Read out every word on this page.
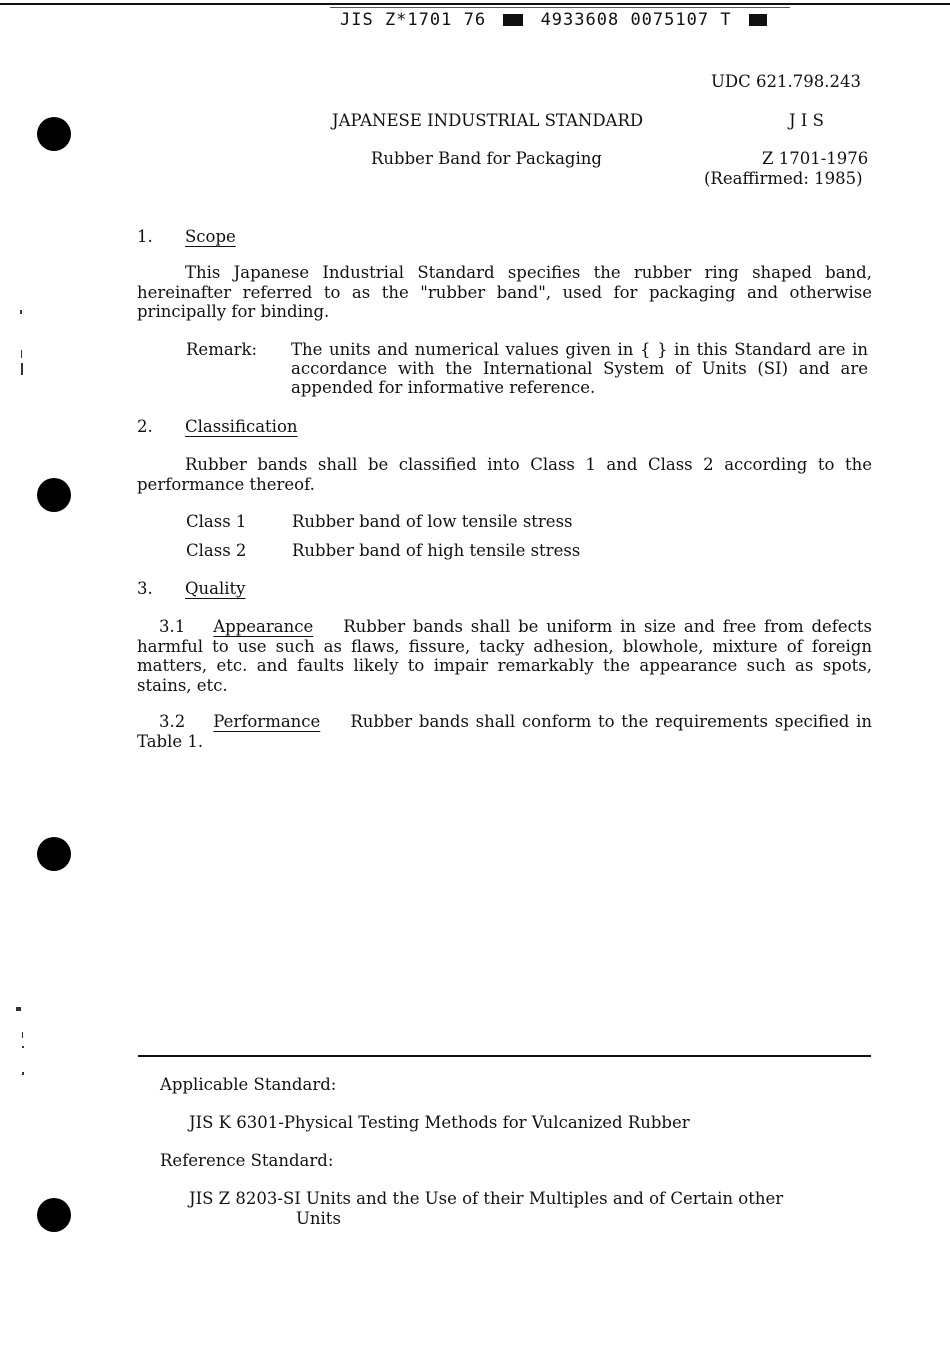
JIS Z*1701 76	4933608 0075107 T
UDC 621.798.243
JAPANESE INDUSTRIAL STANDARD	J I S
Rubber Band for Packaging	Z 1701-1976
(Reaffirmed: 1985)
1. Scope
This Japanese Industrial Standard specifies the rubber ring shaped band, hereinafter referred to as the "rubber band", used for packaging and otherwise principally for binding.
Remark: The units and numerical values given in { } in this Standard are in accordance with the International System of Units (SI) and are appended for informative reference.
2. Classification
Rubber bands shall be classified into Class 1 and Class 2 according to the performance thereof.
Class 1	Rubber band of low tensile stress
Class 2	Rubber band of high tensile stress
3. Quality
3.1 Appearance Rubber bands shall be uniform in size and free from defects harmful to use such as flaws, fissure, tacky adhesion, blowhole, mixture of foreign matters, etc. and faults likely to impair remarkably the appearance such as spots, stains, etc.
3.2 Performance Rubber bands shall conform to the requirements specified in Table 1.
Applicable Standard:
JIS K 6301-Physical Testing Methods for Vulcanized Rubber
Reference Standard:
JIS Z 8203-SI Units and the Use of their Multiples and of Certain other
Units
